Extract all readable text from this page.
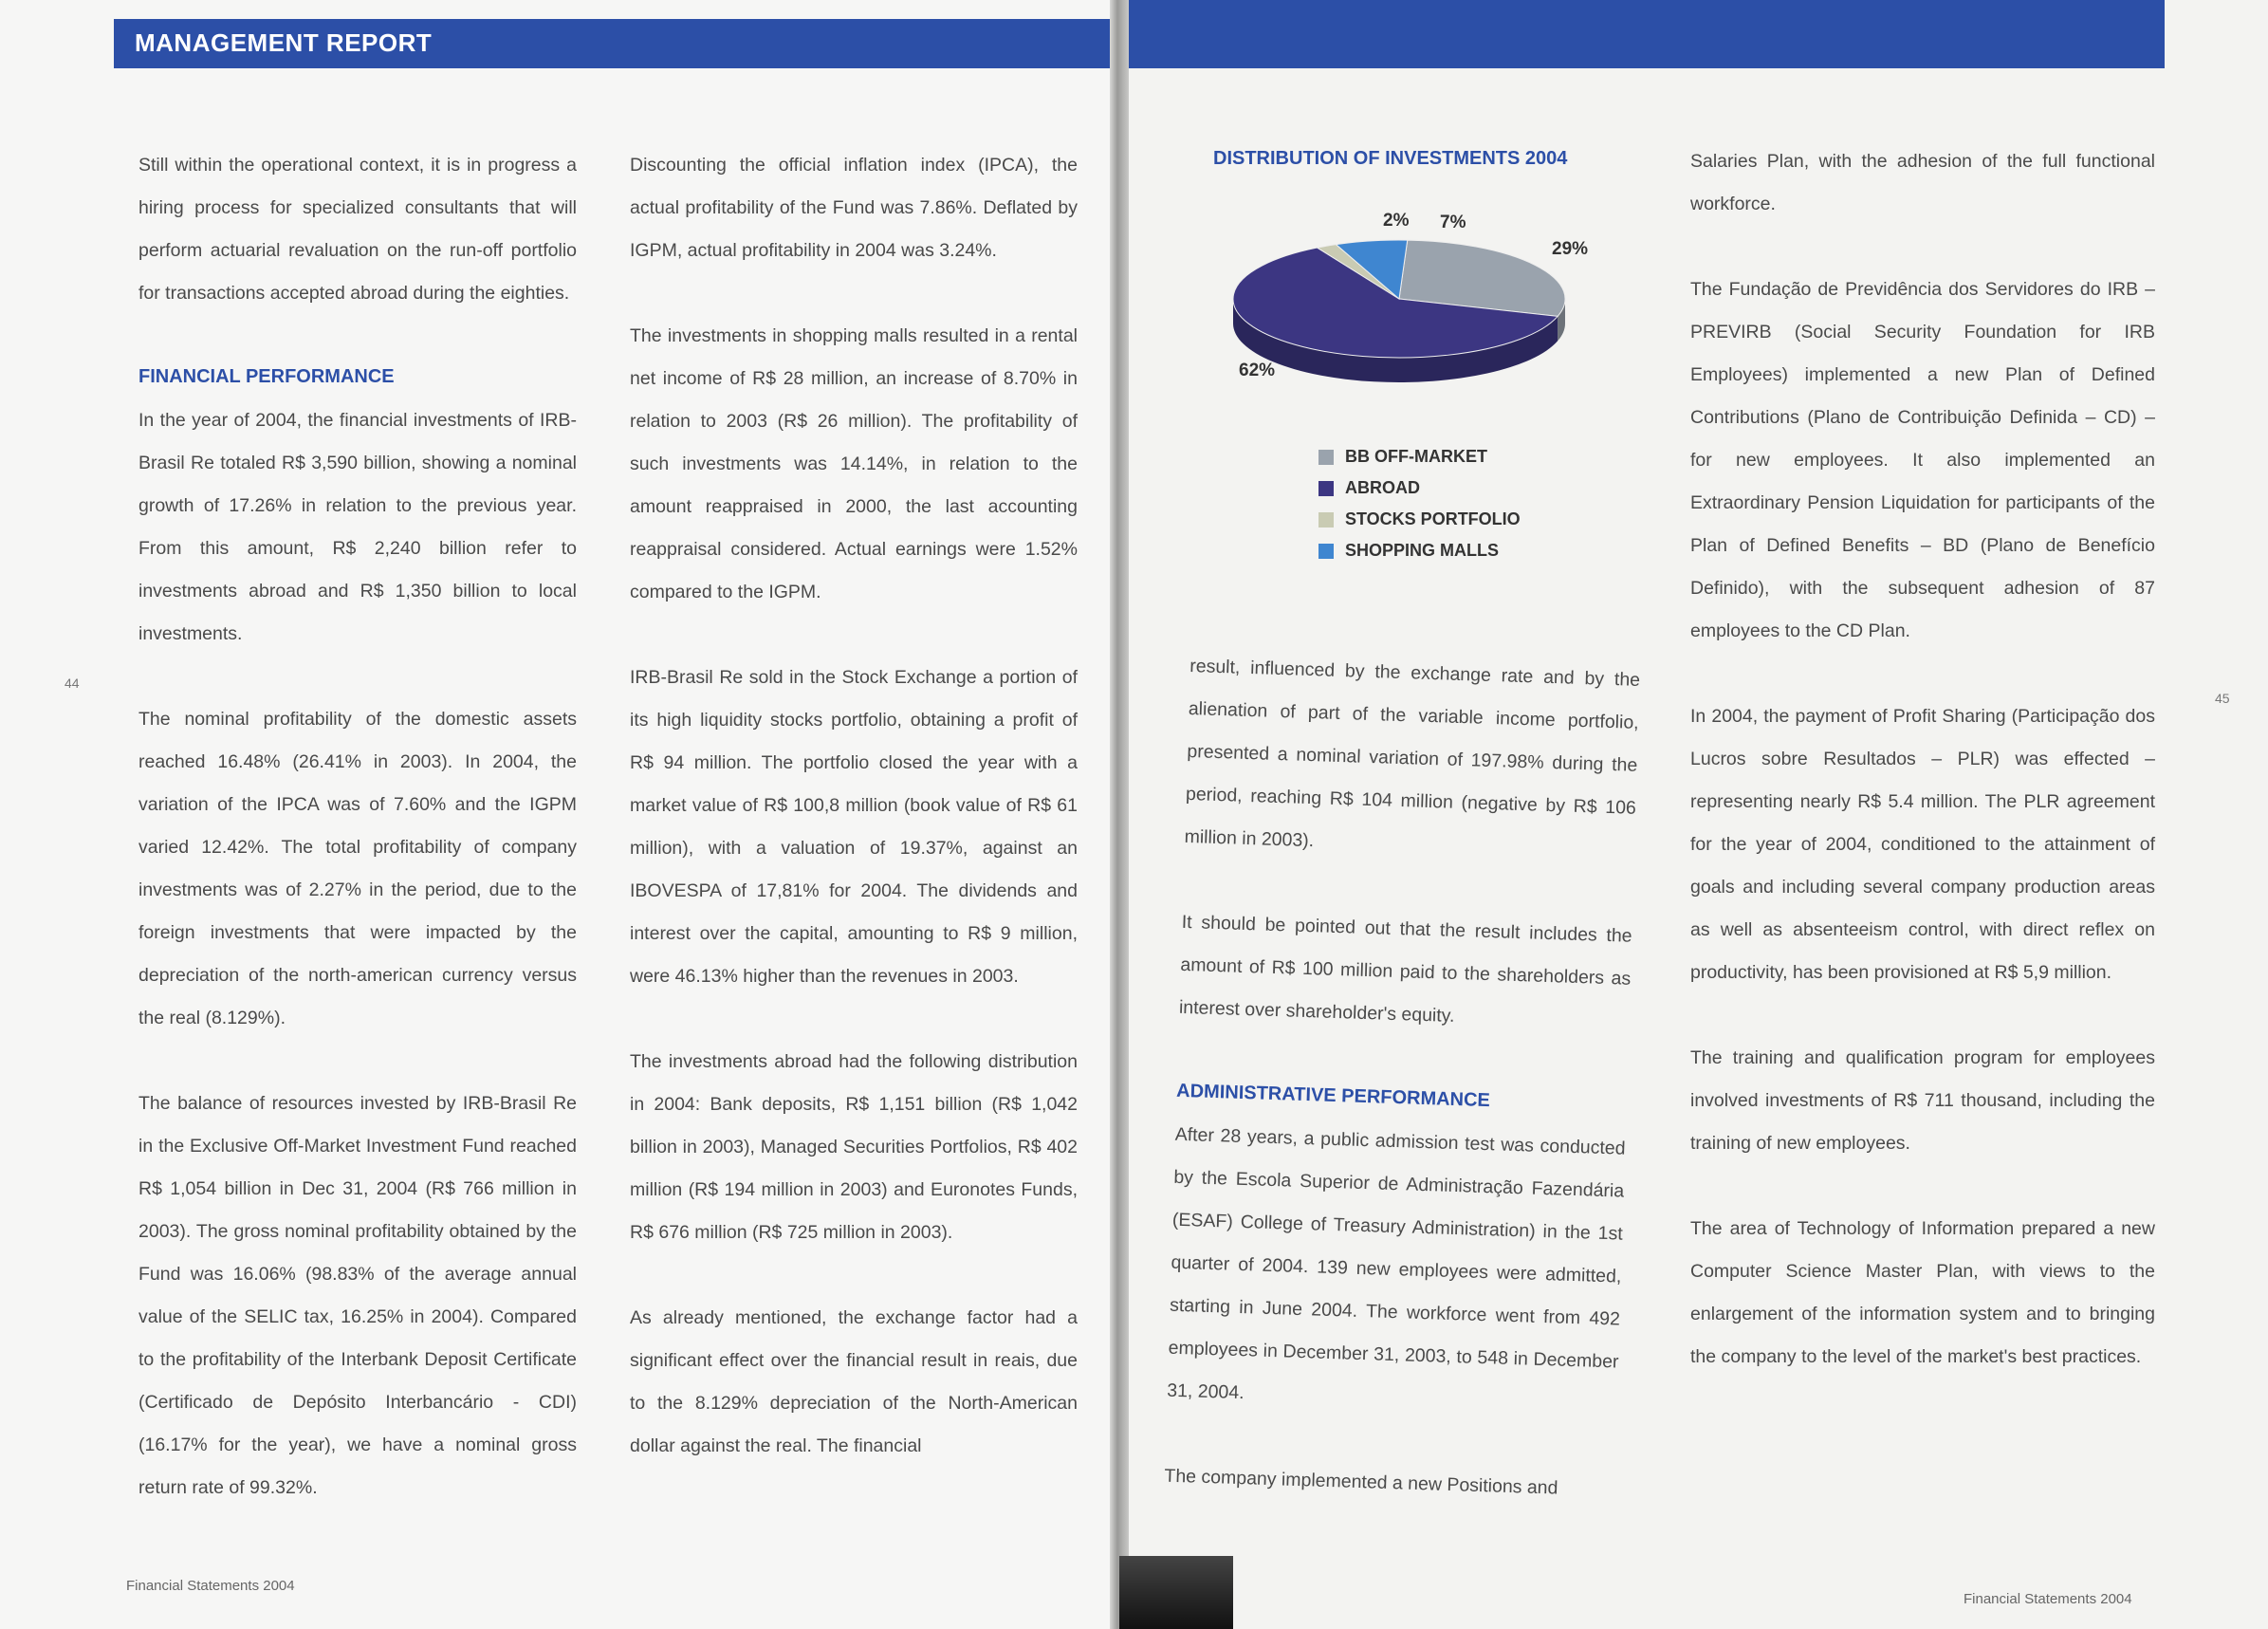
MANAGEMENT REPORT

Still within the operational context, it is in progress a hiring process for specialized consultants that will perform actuarial revaluation on the run-off portfolio for transactions accepted abroad during the eighties.

FINANCIAL PERFORMANCE

In the year of 2004, the financial investments of IRB-Brasil Re totaled R$ 3,590 billion, showing a nominal growth of 17.26% in relation to the previous year. From this amount, R$ 2,240 billion refer to investments abroad and R$ 1,350 billion to local investments.

The nominal profitability of the domestic assets reached 16.48% (26.41% in 2003). In 2004, the variation of the IPCA was of 7.60% and the IGPM varied 12.42%. The total profitability of company investments was of 2.27% in the period, due to the foreign investments that were impacted by the depreciation of the north-american currency versus the real (8.129%).

The balance of resources invested by IRB-Brasil Re in the Exclusive Off-Market Investment Fund reached R$ 1,054 billion in Dec 31, 2004 (R$ 766 million in 2003). The gross nominal profitability obtained by the Fund was 16.06% (98.83% of the average annual value of the SELIC tax, 16.25% in 2004). Compared to the profitability of the Interbank Deposit Certificate (Certificado de Depósito Interbancário - CDI) (16.17% for the year), we have a nominal gross return rate of 99.32%.

Discounting the official inflation index (IPCA), the actual profitability of the Fund was 7.86%. Deflated by IGPM, actual profitability in 2004 was 3.24%.

The investments in shopping malls resulted in a rental net income of R$ 28 million, an increase of 8.70% in relation to 2003 (R$ 26 million). The profitability of such investments was 14.14%, in relation to the amount reappraised in 2000, the last accounting reappraisal considered. Actual earnings were 1.52% compared to the IGPM.

IRB-Brasil Re sold in the Stock Exchange a portion of its high liquidity stocks portfolio, obtaining a profit of R$ 94 million. The portfolio closed the year with a market value of R$ 100,8 million (book value of R$ 61 million), with a valuation of 19.37%, against an IBOVESPA of 17,81% for 2004. The dividends and interest over the capital, amounting to R$ 9 million, were 46.13% higher than the revenues in 2003.

The investments abroad had the following distribution in 2004: Bank deposits, R$ 1,151 billion (R$ 1,042 billion in 2003), Managed Securities Portfolios, R$ 402 million (R$ 194 million in 2003) and Euronotes Funds, R$ 676 million (R$ 725 million in 2003).

As already mentioned, the exchange factor had a significant effect over the financial result in reais, due to the 8.129% depreciation of the North-American dollar against the real. The financial

44
Financial Statements 2004
DISTRIBUTION OF INVESTMENTS 2004
BB OFF-MARKET
ABROAD
STOCKS PORTFOLIO
SHOPPING MALLS

result, influenced by the exchange rate and by the alienation of part of the variable income portfolio, presented a nominal variation of 197.98% during the period, reaching R$ 104 million (negative by R$ 106 million in 2003).

It should be pointed out that the result includes the amount of R$ 100 million paid to the shareholders as interest over shareholder's equity.

ADMINISTRATIVE PERFORMANCE

After 28 years, a public admission test was conducted by the Escola Superior de Administração Fazendária (ESAF) College of Treasury Administration) in the 1st quarter of 2004. 139 new employees were admitted, starting in June 2004. The workforce went from 492 employees in December 31, 2003, to 548 in December 31, 2004.

The company implemented a new Positions and

Salaries Plan, with the adhesion of the full functional workforce.

The Fundação de Previdência dos Servidores do IRB – PREVIRB (Social Security Foundation for IRB Employees) implemented a new Plan of Defined Contributions (Plano de Contribuição Definida – CD) – for new employees. It also implemented an Extraordinary Pension Liquidation for participants of the Plan of Defined Benefits – BD (Plano de Benefício Definido), with the subsequent adhesion of 87 employees to the CD Plan.

In 2004, the payment of Profit Sharing (Participação dos Lucros sobre Resultados – PLR) was effected – representing nearly R$ 5.4 million. The PLR agreement for the year of 2004, conditioned to the attainment of goals and including several company production areas as well as absenteeism control, with direct reflex on productivity, has been provisioned at R$ 5,9 million.

The training and qualification program for employees involved investments of R$ 711 thousand, including the training of new employees.

The area of Technology of Information prepared a new Computer Science Master Plan, with views to the enlargement of the information system and to bringing the company to the level of the market's best practices.

45
Financial Statements 2004
29%
62%
2% 7%
